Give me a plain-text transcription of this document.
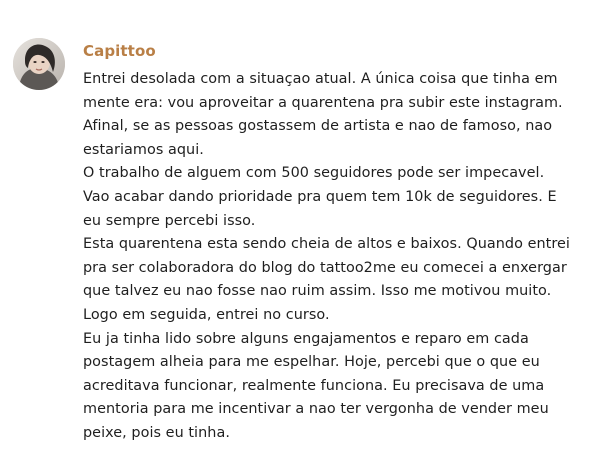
Capittoo
Entrei desolada com a situaçao atual. A única coisa que tinha em
mente era: vou aproveitar a quarentena pra subir este instagram.
Afinal, se as pessoas gostassem de artista e nao de famoso, nao
estariamos aqui.
O trabalho de alguem com 500 seguidores pode ser impecavel.
Vao acabar dando prioridade pra quem tem 10k de seguidores. E
eu sempre percebi isso.
Esta quarentena esta sendo cheia de altos e baixos. Quando entrei
pra ser colaboradora do blog do tattoo2me eu comecei a enxergar
que talvez eu nao fosse nao ruim assim. Isso me motivou muito.
Logo em seguida, entrei no curso.
Eu ja tinha lido sobre alguns engajamentos e reparo em cada
postagem alheia para me espelhar. Hoje, percebi que o que eu
acreditava funcionar, realmente funciona. Eu precisava de uma
mentoria para me incentivar a nao ter vergonha de vender meu
peixe, pois eu tinha.
